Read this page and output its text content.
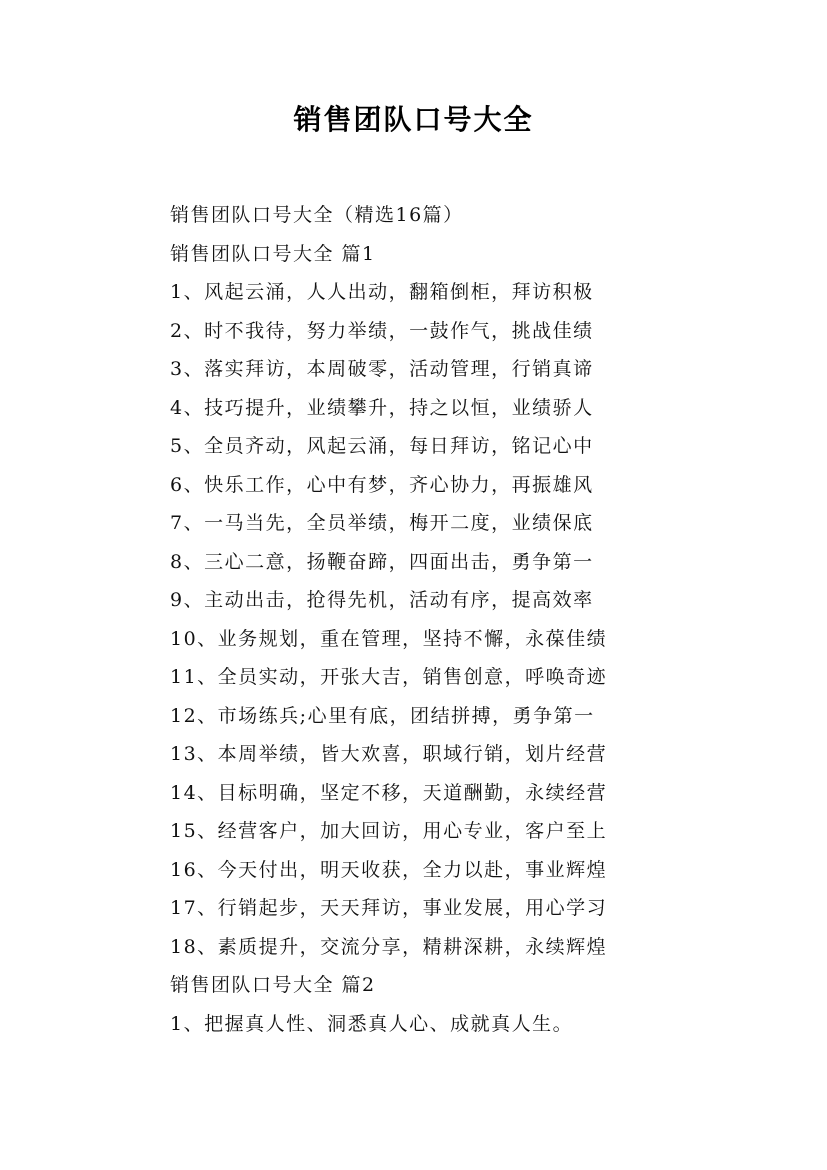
销售团队口号大全
销售团队口号大全（精选16篇）
销售团队口号大全 篇1
1、风起云涌，人人出动，翻箱倒柜，拜访积极
2、时不我待，努力举绩，一鼓作气，挑战佳绩
3、落实拜访，本周破零，活动管理，行销真谛
4、技巧提升，业绩攀升，持之以恒，业绩骄人
5、全员齐动，风起云涌，每日拜访，铭记心中
6、快乐工作，心中有梦，齐心协力，再振雄风
7、一马当先，全员举绩，梅开二度，业绩保底
8、三心二意，扬鞭奋蹄，四面出击，勇争第一
9、主动出击，抢得先机，活动有序，提高效率
10、业务规划，重在管理，坚持不懈，永葆佳绩
11、全员实动，开张大吉，销售创意，呼唤奇迹
12、市场练兵;心里有底，团结拼搏，勇争第一
13、本周举绩，皆大欢喜，职域行销，划片经营
14、目标明确，坚定不移，天道酬勤，永续经营
15、经营客户，加大回访，用心专业，客户至上
16、今天付出，明天收获，全力以赴，事业辉煌
17、行销起步，天天拜访，事业发展，用心学习
18、素质提升，交流分享，精耕深耕，永续辉煌
销售团队口号大全 篇2
1、把握真人性、洞悉真人心、成就真人生。
